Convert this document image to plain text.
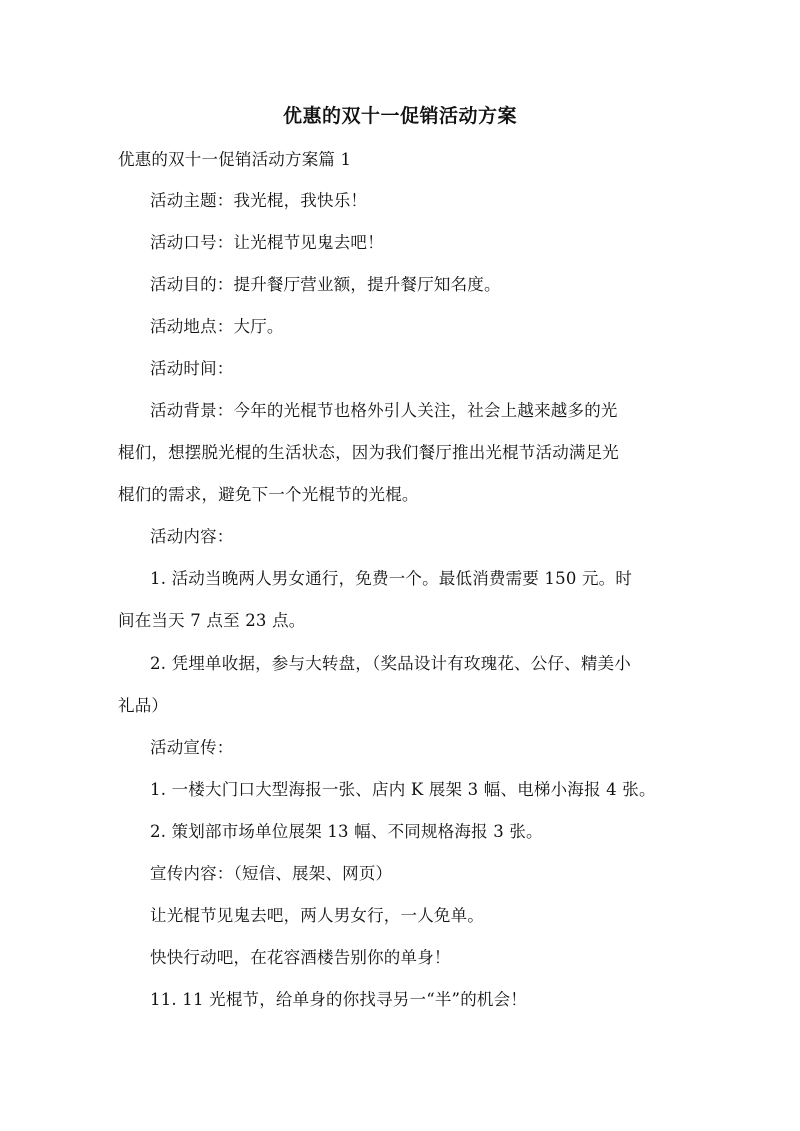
优惠的双十一促销活动方案
优惠的双十一促销活动方案篇 1
活动主题：我光棍，我快乐！
活动口号：让光棍节见鬼去吧！
活动目的：提升餐厅营业额，提升餐厅知名度。
活动地点：大厅。
活动时间：
活动背景：今年的光棍节也格外引人关注，社会上越来越多的光
棍们，想摆脱光棍的生活状态，因为我们餐厅推出光棍节活动满足光
棍们的需求，避免下一个光棍节的光棍。
活动内容：
1. 活动当晚两人男女通行，免费一个。最低消费需要 150 元。时
间在当天 7 点至 23 点。
2. 凭埋单收据，参与大转盘，（奖品设计有玫瑰花、公仔、精美小
礼品）
活动宣传：
1. 一楼大门口大型海报一张、店内 K 展架 3 幅、电梯小海报 4 张。
2. 策划部市场单位展架 13 幅、不同规格海报 3 张。
宣传内容：（短信、展架、网页）
让光棍节见鬼去吧，两人男女行，一人免单。
快快行动吧，在花容酒楼告别你的单身！
11. 11 光棍节，给单身的你找寻另一“半”的机会！
